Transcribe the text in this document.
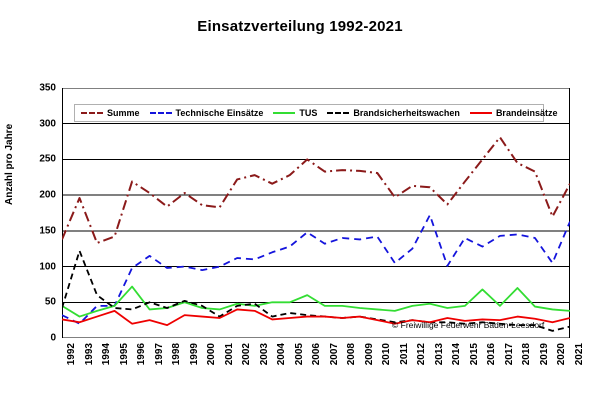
Einsatzverteilung 1992-2021
Anzahl pro Jahre
0
50
100
150
200
250
300
350
1992 1993 1994 1995 1996 1997 1998 1999 2000 2001 2002 2003 2004 2005 2006 2007 2008 2009 2010 2011 2012 2013 2014 2015 2016 2017 2018 2019 2020 2021
Summe	Technische Einsätze	TUS	Brandsicherheitswachen	Brandeinsätze
© Freiwillige Feuerwehr Baden-Leesdorf
